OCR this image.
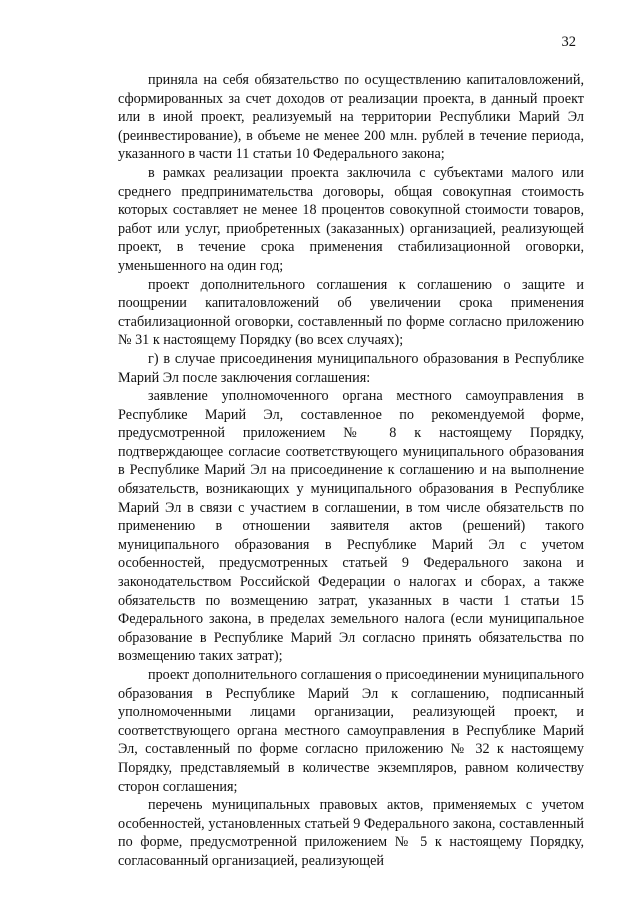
32

приняла на себя обязательство по осуществлению капиталовложений, сформированных за счет доходов от реализации проекта, в данный проект или в иной проект, реализуемый на территории Республики Марий Эл (реинвестирование), в объеме не менее 200 млн. рублей в течение периода, указанного в части 11 статьи 10 Федерального закона;

в рамках реализации проекта заключила с субъектами малого или среднего предпринимательства договоры, общая совокупная стоимость которых составляет не менее 18 процентов совокупной стоимости товаров, работ или услуг, приобретенных (заказанных) организацией, реализующей проект, в течение срока применения стабилизационной оговорки, уменьшенного на один год;

проект дополнительного соглашения к соглашению о защите и поощрении капиталовложений об увеличении срока применения стабилизационной оговорки, составленный по форме согласно приложению № 31 к настоящему Порядку (во всех случаях);

г) в случае присоединения муниципального образования в Республике Марий Эл после заключения соглашения:

заявление уполномоченного органа местного самоуправления в Республике Марий Эл, составленное по рекомендуемой форме, предусмотренной приложением № 8 к настоящему Порядку, подтверждающее согласие соответствующего муниципального образования в Республике Марий Эл на присоединение к соглашению и на выполнение обязательств, возникающих у муниципального образования в Республике Марий Эл в связи с участием в соглашении, в том числе обязательств по применению в отношении заявителя актов (решений) такого муниципального образования в Республике Марий Эл с учетом особенностей, предусмотренных статьей 9 Федерального закона и законодательством Российской Федерации о налогах и сборах, а также обязательств по возмещению затрат, указанных в части 1 статьи 15 Федерального закона, в пределах земельного налога (если муниципальное образование в Республике Марий Эл согласно принять обязательства по возмещению таких затрат);

проект дополнительного соглашения о присоединении муниципального образования в Республике Марий Эл к соглашению, подписанный уполномоченными лицами организации, реализующей проект, и соответствующего органа местного самоуправления в Республике Марий Эл, составленный по форме согласно приложению № 32 к настоящему Порядку, представляемый в количестве экземпляров, равном количеству сторон соглашения;

перечень муниципальных правовых актов, применяемых с учетом особенностей, установленных статьей 9 Федерального закона, составленный по форме, предусмотренной приложением № 5 к настоящему Порядку, согласованный организацией, реализующей
